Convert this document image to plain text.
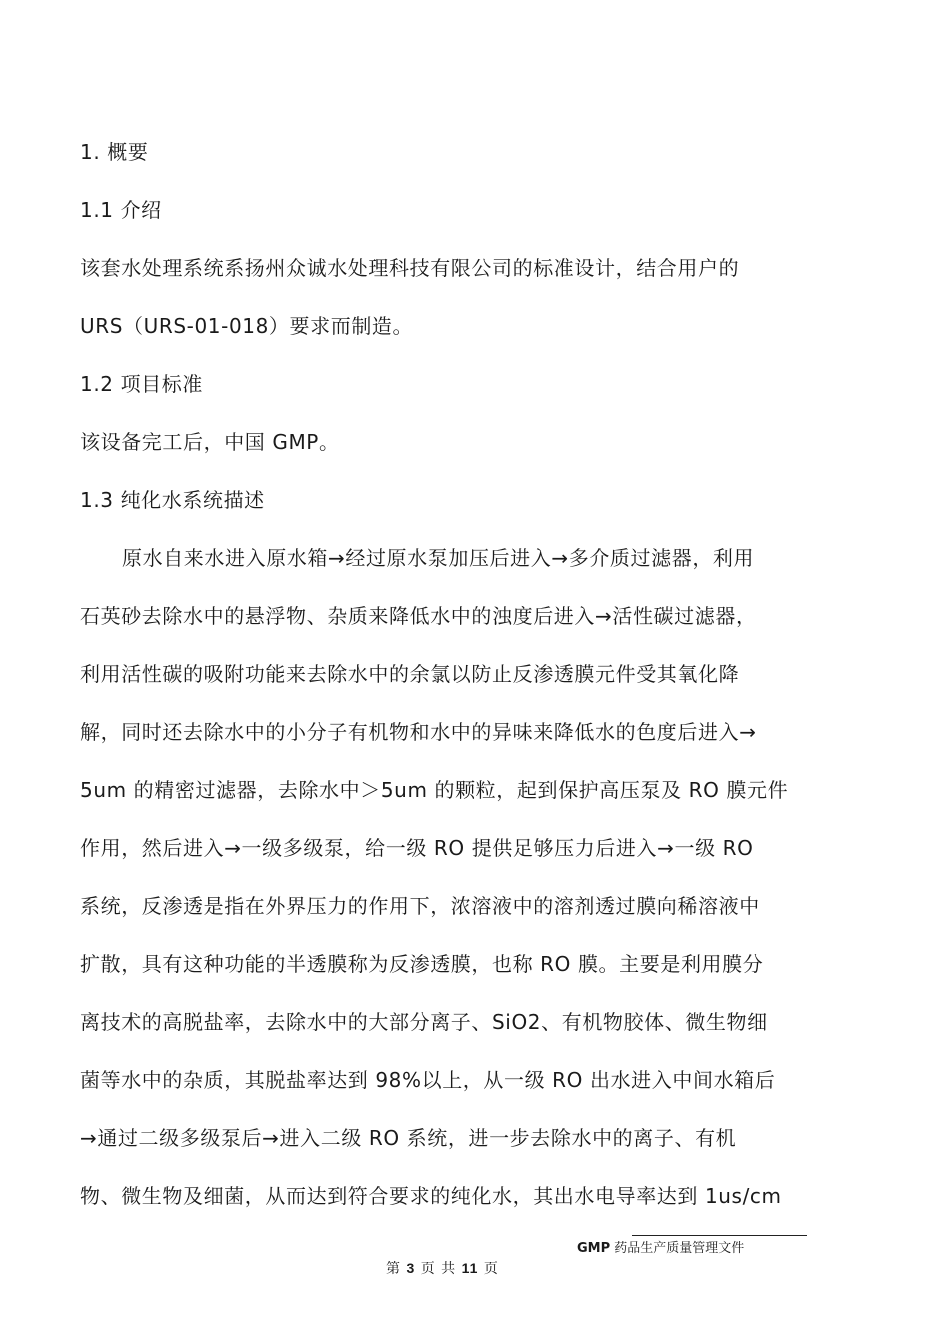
1. 概要
1.1 介绍
该套水处理系统系扬州众诚水处理科技有限公司的标准设计，结合用户的
URS（URS-01-018）要求而制造。
1.2 项目标准
该设备完工后，中国 GMP。
1.3 纯化水系统描述
原水自来水进入原水箱→经过原水泵加压后进入→多介质过滤器，利用
石英砂去除水中的悬浮物、杂质来降低水中的浊度后进入→活性碳过滤器，
利用活性碳的吸附功能来去除水中的余氯以防止反渗透膜元件受其氧化降
解，同时还去除水中的小分子有机物和水中的异味来降低水的色度后进入→
5um 的精密过滤器，去除水中＞5um 的颗粒，起到保护高压泵及 RO 膜元件
作用，然后进入→一级多级泵，给一级 RO 提供足够压力后进入→一级 RO
系统，反渗透是指在外界压力的作用下，浓溶液中的溶剂透过膜向稀溶液中
扩散，具有这种功能的半透膜称为反渗透膜，也称 RO 膜。主要是利用膜分
离技术的高脱盐率，去除水中的大部分离子、SiO2、有机物胶体、微生物细
菌等水中的杂质，其脱盐率达到 98%以上，从一级 RO 出水进入中间水箱后
→通过二级多级泵后→进入二级 RO 系统，进一步去除水中的离子、有机
物、微生物及细菌，从而达到符合要求的纯化水，其出水电导率达到 1us/cm
GMP 药品生产质量管理文件
第 3 页 共 11 页
